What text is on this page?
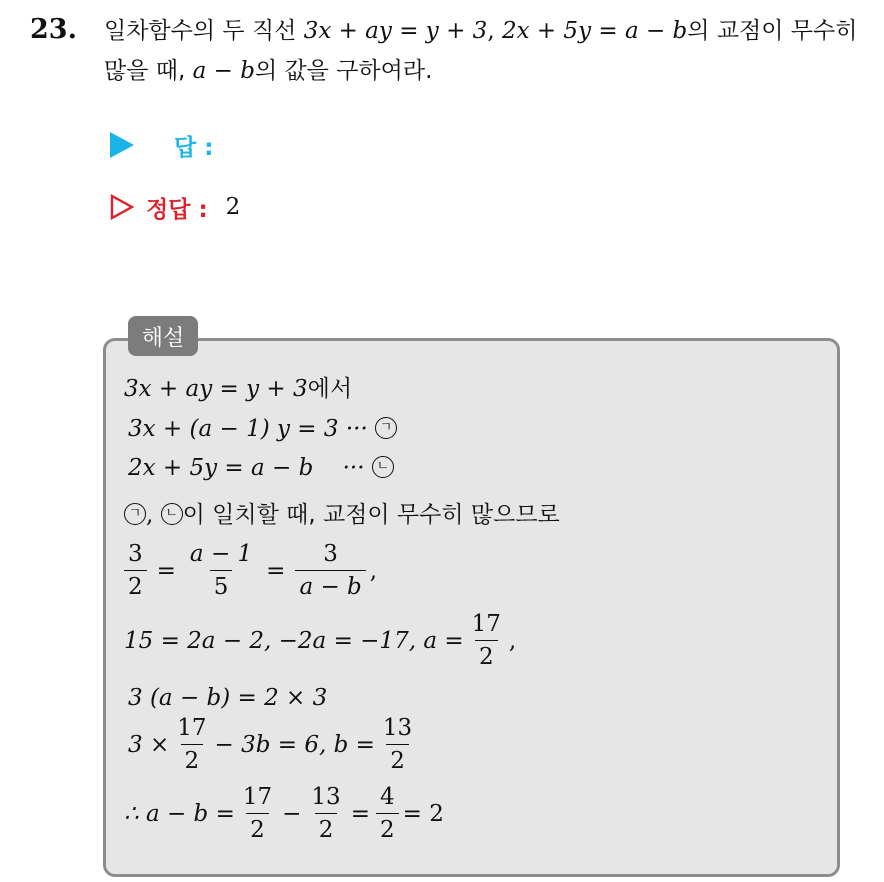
23. 일차함수의 두 직선 3x + ay = y + 3, 2x + 5y = a − b의 교점이 무수히
많을 때, a − b의 값을 구하여라.
답 :
정답 : 2
해설
3x + ay = y + 3에서
3x + (a − 1) y = 3 ··· ㄱ
2x + 5y = a − b    ··· ㄴ
ㄱ , ㄴ 이 일치할 때, 교점이 무수히 많으므로
$\frac{3}{2} = \frac{a - 1}{5} = \frac{3}{a - b}$ ,
15 = 2a − 2, −2a = −17, $a = \frac{17}{2}$ ,
3 (a − b) = 2 × 3
$3 \times \frac{17}{2} - 3b = 6$, $b = \frac{13}{2}$
∴ $a - b = \frac{17}{2} - \frac{13}{2} = \frac{4}{2} = 2$
